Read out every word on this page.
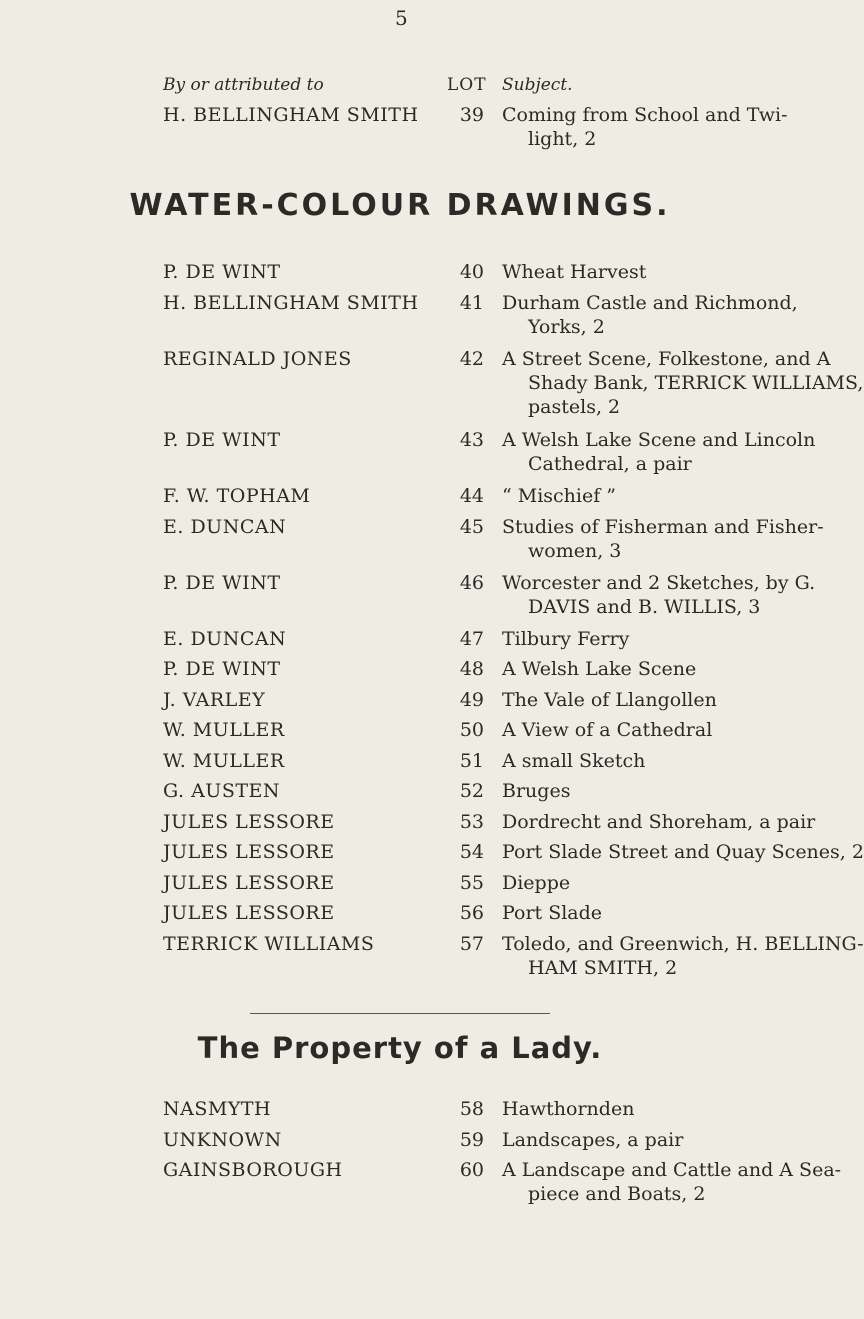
5
By or attributed to	LOT Subject.
H. BELLINGHAM SMITH	39 Coming from School and Twi-
light, 2
WATER-COLOUR DRAWINGS.
P. DE WINT	40 Wheat Harvest
H. BELLINGHAM SMITH	41 Durham Castle and Richmond,
Yorks, 2
REGINALD JONES	42 A Street Scene, Folkestone, and A
Shady Bank, TERRICK WILLIAMS,
pastels, 2
P. DE WINT	43 A Welsh Lake Scene and Lincoln
Cathedral, a pair
F. W. TOPHAM	44 “ Mischief ”
E. DUNCAN	45 Studies of Fisherman and Fisher-
women, 3
P. DE WINT	46 Worcester and 2 Sketches, by G.
DAVIS and B. WILLIS, 3
E. DUNCAN	47 Tilbury Ferry
P. DE WINT	48 A Welsh Lake Scene
J. VARLEY	49 The Vale of Llangollen
W. MULLER	50 A View of a Cathedral
W. MULLER	51 A small Sketch
G. AUSTEN	52 Bruges
JULES LESSORE	53 Dordrecht and Shoreham, a pair
JULES LESSORE	54 Port Slade Street and Quay Scenes, 2
JULES LESSORE	55 Dieppe
JULES LESSORE	56 Port Slade
TERRICK WILLIAMS	57 Toledo, and Greenwich, H. BELLING-
HAM SMITH, 2
The Property of a Lady.
NASMYTH	58 Hawthornden
UNKNOWN	59 Landscapes, a pair
GAINSBOROUGH	60 A Landscape and Cattle and A Sea-
piece and Boats, 2
